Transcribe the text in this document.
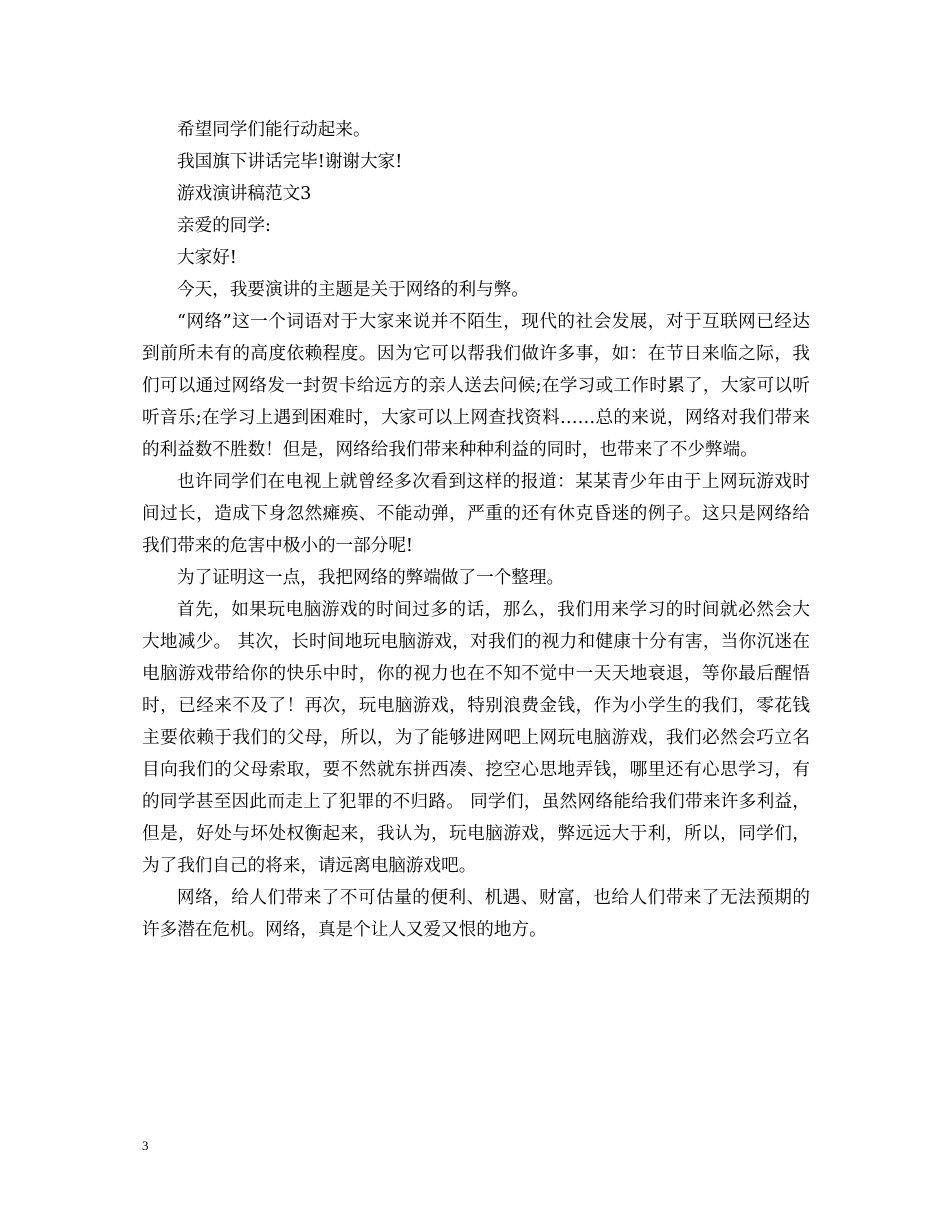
希望同学们能行动起来。

我国旗下讲话完毕!谢谢大家!

游戏演讲稿范文3

亲爱的同学:

大家好!

今天，我要演讲的主题是关于网络的利与弊。

“网络”这一个词语对于大家来说并不陌生，现代的社会发展，对于互联网已经达到前所未有的高度依赖程度。因为它可以帮我们做许多事，如：在节日来临之际，我们可以通过网络发一封贺卡给远方的亲人送去问候;在学习或工作时累了，大家可以听听音乐;在学习上遇到困难时，大家可以上网查找资料……总的来说，网络对我们带来的利益数不胜数！但是，网络给我们带来种种利益的同时，也带来了不少弊端。

也许同学们在电视上就曾经多次看到这样的报道：某某青少年由于上网玩游戏时间过长，造成下身忽然瘫痪、不能动弹，严重的还有休克昏迷的例子。这只是网络给我们带来的危害中极小的一部分呢!

为了证明这一点，我把网络的弊端做了一个整理。

首先，如果玩电脑游戏的时间过多的话，那么，我们用来学习的时间就必然会大大地减少。 其次，长时间地玩电脑游戏，对我们的视力和健康十分有害，当你沉迷在电脑游戏带给你的快乐中时，你的视力也在不知不觉中一天天地衰退，等你最后醒悟时，已经来不及了！再次，玩电脑游戏，特别浪费金钱，作为小学生的我们，零花钱主要依赖于我们的父母，所以，为了能够进网吧上网玩电脑游戏，我们必然会巧立名目向我们的父母索取，要不然就东拼西凑、挖空心思地弄钱，哪里还有心思学习，有的同学甚至因此而走上了犯罪的不归路。 同学们，虽然网络能给我们带来许多利益，但是，好处与坏处权衡起来，我认为，玩电脑游戏，弊远远大于利，所以，同学们，为了我们自己的将来，请远离电脑游戏吧。

网络，给人们带来了不可估量的便利、机遇、财富，也给人们带来了无法预期的许多潜在危机。网络，真是个让人又爱又恨的地方。

3
